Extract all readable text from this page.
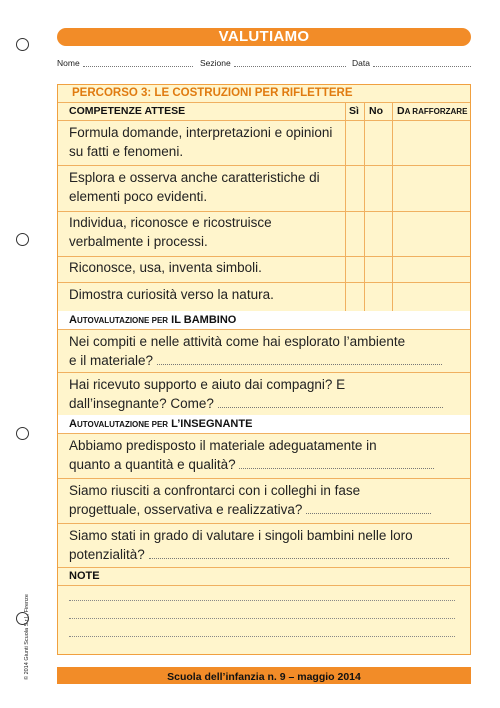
VALUTIAMO
Nome	Sezione	Data
PERCORSO 3: LE COSTRUZIONI PER RIFLETTERE
COMPETENZE ATTESE	Sì No DA RAFFORZARE
Formula domande, interpretazioni e opinioni su fatti e fenomeni.
Esplora e osserva anche caratteristiche di elementi poco evidenti.
Individua, riconosce e ricostruisce verbalmente i processi.
Riconosce, usa, inventa simboli.
Dimostra curiosità verso la natura.
AUTOVALUTAZIONE PER IL BAMBINO
Nei compiti e nelle attività come hai esplorato l’ambiente
e il materiale?
Hai ricevuto supporto e aiuto dai compagni? E
dall’insegnante? Come?
AUTOVALUTAZIONE PER L’INSEGNANTE
Abbiamo predisposto il materiale adeguatamente in
quanto a quantità e qualità?
Siamo riusciti a confrontarci con i colleghi in fase
progettuale, osservativa e realizzativa?
Siamo stati in grado di valutare i singoli bambini nelle loro
potenzialità?
NOTE
Scuola dell’infanzia n. 9 – maggio 2014
© 2014 Giunti Scuola S.r.l., Firenze
